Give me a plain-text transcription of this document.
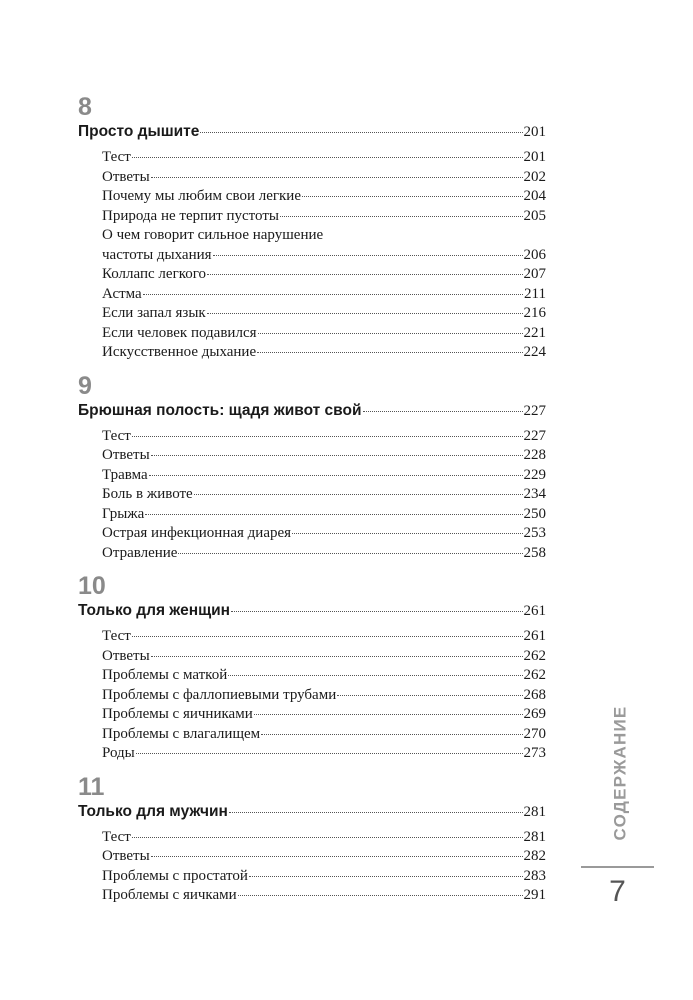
8
Просто дышите	201
Тест	201
Ответы	202
Почему мы любим свои легкие	204
Природа не терпит пустоты	205
О чем говорит сильное нарушение
частоты дыхания	206
Коллапс легкого	207
Астма	211
Если запал язык	216
Если человек подавился	221
Искусственное дыхание	224
9
Брюшная полость: щадя живот свой	227
Тест	227
Ответы	228
Травма	229
Боль в животе	234
Грыжа	250
Острая инфекционная диарея	253
Отравление	258
10
Только для женщин	261
Тест	261
Ответы	262
Проблемы с маткой	262
Проблемы с фаллопиевыми трубами	268
Проблемы с яичниками	269
Проблемы с влагалищем	270
Роды	273
11
Только для мужчин	281
Тест	281
Ответы	282
Проблемы с простатой	283
Проблемы с яичками	291
СОДЕРЖАНИЕ
7
